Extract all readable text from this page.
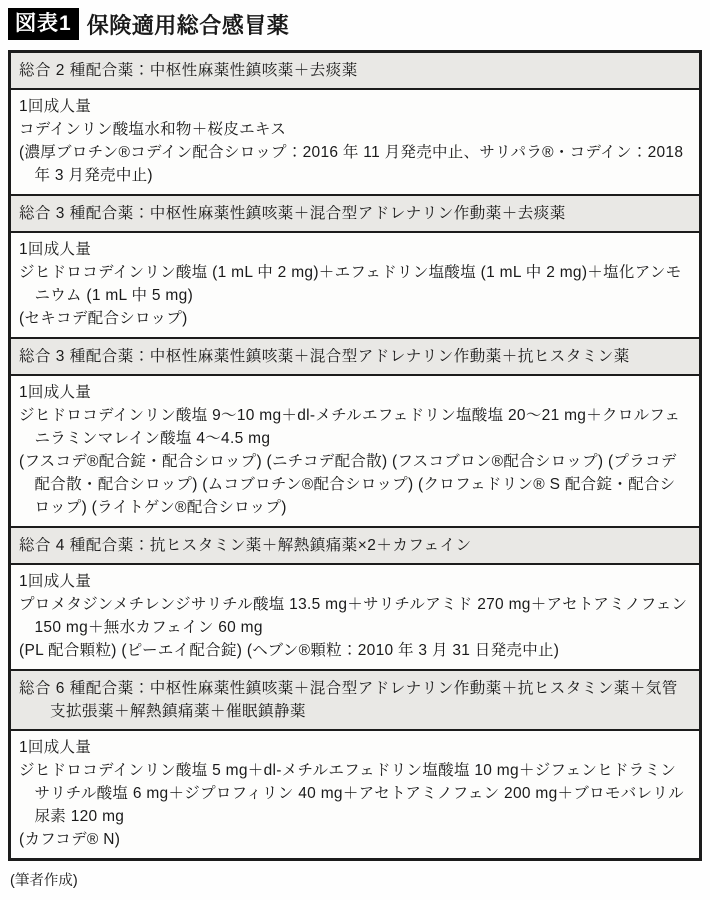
図表1 保険適用総合感冒薬
総合 2 種配合薬：中枢性麻薬性鎮咳薬＋去痰薬

1回成人量

コデインリン酸塩水和物＋桜皮エキス

(濃厚ブロチン®コデイン配合シロップ：2016 年 11 月発売中止、サリパラ®・コデイン：2018 年 3 月発売中止)

総合 3 種配合薬：中枢性麻薬性鎮咳薬＋混合型アドレナリン作動薬＋去痰薬

1回成人量

ジヒドロコデインリン酸塩 (1 mL 中 2 mg)＋エフェドリン塩酸塩 (1 mL 中 2 mg)＋塩化アンモニウム (1 mL 中 5 mg)

(セキコデ配合シロップ)

総合 3 種配合薬：中枢性麻薬性鎮咳薬＋混合型アドレナリン作動薬＋抗ヒスタミン薬

1回成人量

ジヒドロコデインリン酸塩 9〜10 mg＋dl-メチルエフェドリン塩酸塩 20〜21 mg＋クロルフェニラミンマレイン酸塩 4〜4.5 mg

(フスコデ®配合錠・配合シロップ) (ニチコデ配合散) (フスコブロン®配合シロップ) (プラコデ配合散・配合シロップ) (ムコブロチン®配合シロップ) (クロフェドリン® S 配合錠・配合シロップ) (ライトゲン®配合シロップ)

総合 4 種配合薬：抗ヒスタミン薬＋解熱鎮痛薬×2＋カフェイン

1回成人量

プロメタジンメチレンジサリチル酸塩 13.5 mg＋サリチルアミド 270 mg＋アセトアミノフェン 150 mg＋無水カフェイン 60 mg

(PL 配合顆粒) (ピーエイ配合錠) (ヘブン®顆粒：2010 年 3 月 31 日発売中止)

総合 6 種配合薬：中枢性麻薬性鎮咳薬＋混合型アドレナリン作動薬＋抗ヒスタミン薬＋気管支拡張薬＋解熱鎮痛薬＋催眠鎮静薬

1回成人量

ジヒドロコデインリン酸塩 5 mg＋dl-メチルエフェドリン塩酸塩 10 mg＋ジフェンヒドラミンサリチル酸塩 6 mg＋ジプロフィリン 40 mg＋アセトアミノフェン 200 mg＋ブロモバレリル尿素 120 mg

(カフコデ® N)

(筆者作成)
